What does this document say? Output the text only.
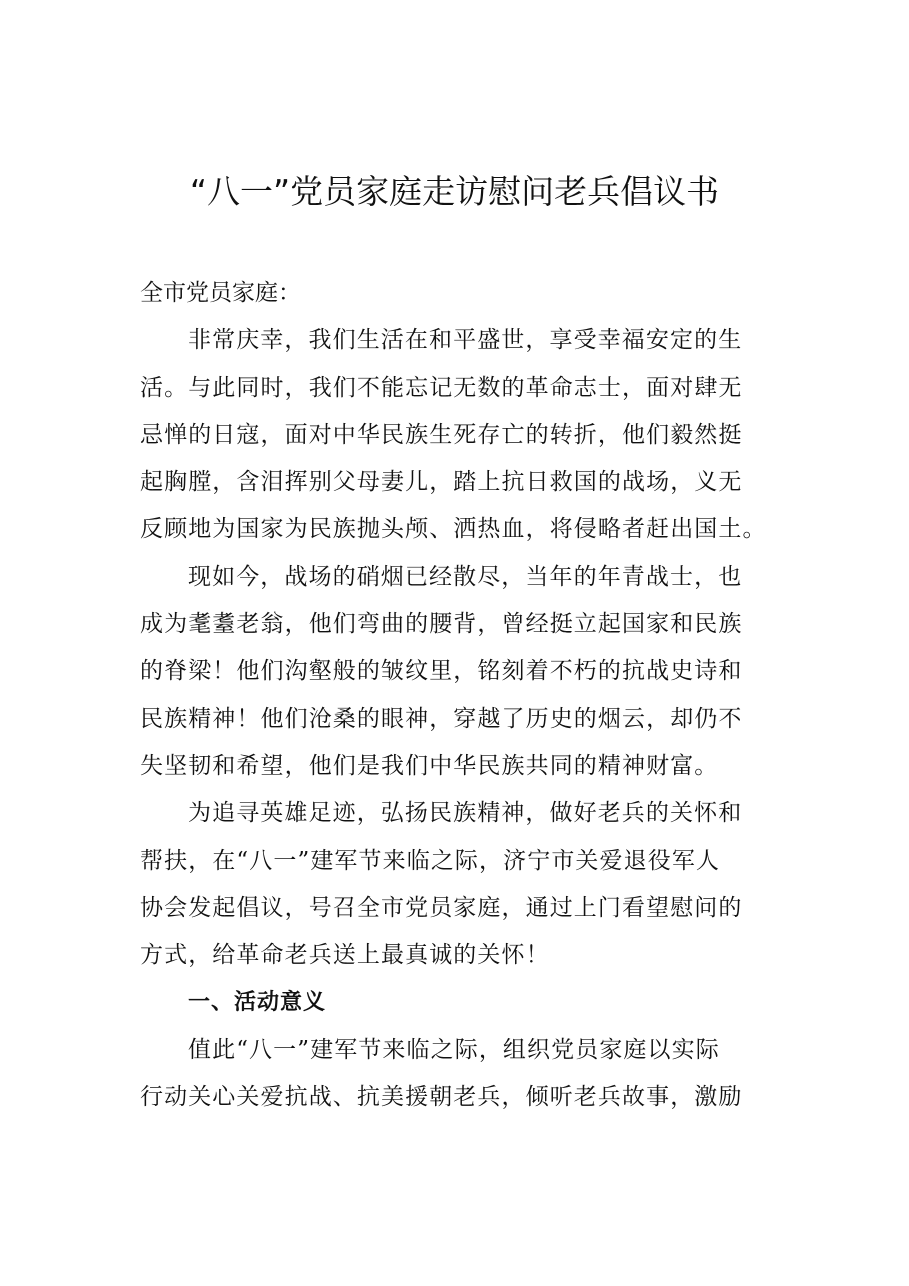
“八一”党员家庭走访慰问老兵倡议书

全市党员家庭：

非常庆幸，我们生活在和平盛世，享受幸福安定的生
活。与此同时，我们不能忘记无数的革命志士，面对肆无
忌惮的日寇，面对中华民族生死存亡的转折，他们毅然挺
起胸膛，含泪挥别父母妻儿，踏上抗日救国的战场，义无
反顾地为国家为民族抛头颅、洒热血，将侵略者赶出国土。

现如今，战场的硝烟已经散尽，当年的年青战士，也
成为耄耋老翁，他们弯曲的腰背，曾经挺立起国家和民族
的脊梁！他们沟壑般的皱纹里，铭刻着不朽的抗战史诗和
民族精神！他们沧桑的眼神，穿越了历史的烟云，却仍不
失坚韧和希望，他们是我们中华民族共同的精神财富。

为追寻英雄足迹，弘扬民族精神，做好老兵的关怀和
帮扶，在“八一”建军节来临之际，济宁市关爱退役军人
协会发起倡议，号召全市党员家庭，通过上门看望慰问的
方式，给革命老兵送上最真诚的关怀！

一、活动意义

值此“八一”建军节来临之际，组织党员家庭以实际
行动关心关爱抗战、抗美援朝老兵，倾听老兵故事，激励
